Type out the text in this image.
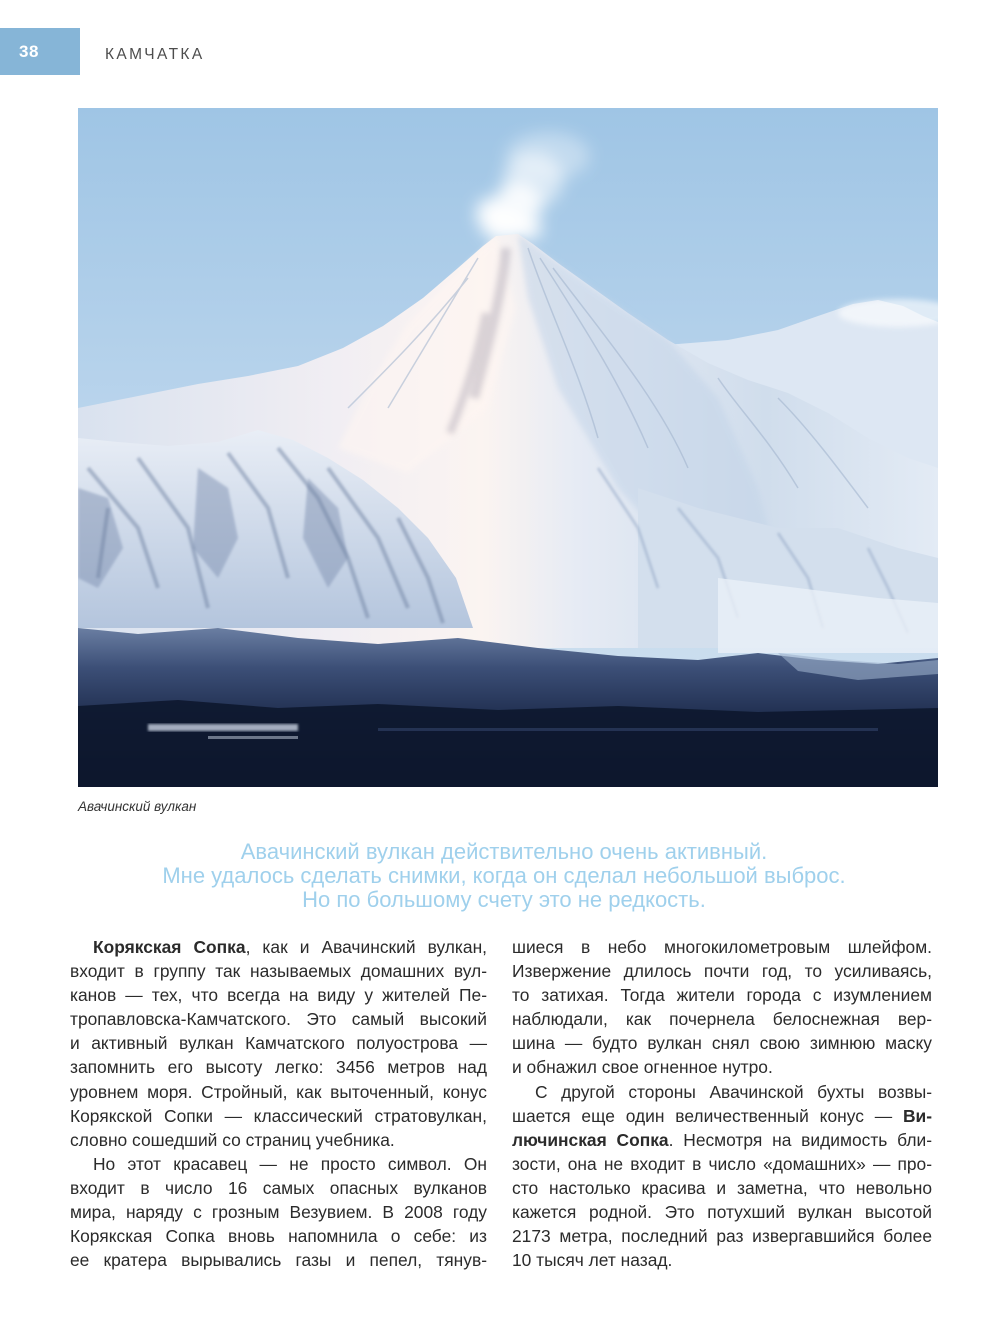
38	КАМЧАТКА
Авачинский вулкан
Авачинский вулкан действительно очень активный.
Мне удалось сделать снимки, когда он сделал небольшой выброс.
Но по большому счету это не редкость.
Корякская Сопка, как и Авачинский вулкан,
входит в группу так называемых домашних вул-
канов — тех, что всегда на виду у жителей Пе-
тропавловска-Камчатского. Это самый высокий
и активный вулкан Камчатского полуострова —
запомнить его высоту легко: 3456 метров над
уровнем моря. Стройный, как выточенный, конус
Корякской Сопки — классический стратовулкан,
словно сошедший со страниц учебника.
Но этот красавец — не просто символ. Он
входит в число 16 самых опасных вулканов
мира, наряду с грозным Везувием. В 2008 году
Корякская Сопка вновь напомнила о себе: из
ее кратера вырывались газы и пепел, тянув-
шиеся в небо многокилометровым шлейфом.
Извержение длилось почти год, то усиливаясь,
то затихая. Тогда жители города с изумлением
наблюдали, как почернела белоснежная вер-
шина — будто вулкан снял свою зимнюю маску
и обнажил свое огненное нутро.
С другой стороны Авачинской бухты возвы-
шается еще один величественный конус — Ви-
лючинская Сопка. Несмотря на видимость бли-
зости, она не входит в число «домашних» — про-
сто настолько красива и заметна, что невольно
кажется родной. Это потухший вулкан высотой
2173 метра, последний раз извергавшийся более
10 тысяч лет назад.
